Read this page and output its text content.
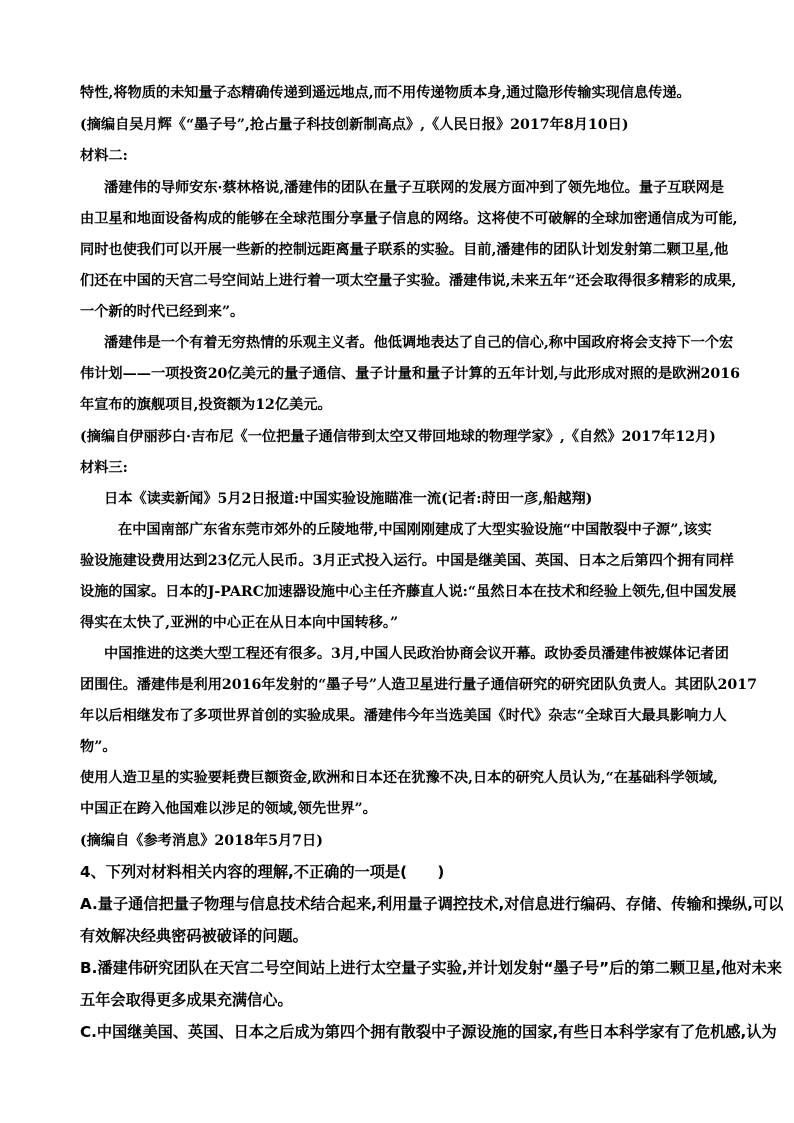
特性,将物质的未知量子态精确传递到遥远地点,而不用传递物质本身,通过隐形传输实现信息传递。
(摘编自吴月辉《“墨子号”,抢占量子科技创新制高点》,《人民日报》2017年8月10日)
材料二:
潘建伟的导师安东·蔡林格说,潘建伟的团队在量子互联网的发展方面冲到了领先地位。量子互联网是
由卫星和地面设备构成的能够在全球范围分享量子信息的网络。这将使不可破解的全球加密通信成为可能,
同时也使我们可以开展一些新的控制远距离量子联系的实验。目前,潘建伟的团队计划发射第二颗卫星,他
们还在中国的天宫二号空间站上进行着一项太空量子实验。潘建伟说,未来五年“还会取得很多精彩的成果,
一个新的时代已经到来”。
潘建伟是一个有着无穷热情的乐观主义者。他低调地表达了自己的信心,称中国政府将会支持下一个宏
伟计划——一项投资20亿美元的量子通信、量子计量和量子计算的五年计划,与此形成对照的是欧洲2016
年宣布的旗舰项目,投资额为12亿美元。
(摘编自伊丽莎白·吉布尼《一位把量子通信带到太空又带回地球的物理学家》,《自然》2017年12月)
材料三:
日本《读卖新闻》5月2日报道:中国实验设施瞄准一流(记者:莳田一彦,船越翔)
在中国南部广东省东莞市郊外的丘陵地带,中国刚刚建成了大型实验设施“中国散裂中子源”,该实
验设施建设费用达到23亿元人民币。3月正式投入运行。中国是继美国、英国、日本之后第四个拥有同样
设施的国家。日本的J-PARC加速器设施中心主任齐藤直人说:“虽然日本在技术和经验上领先,但中国发展
得实在太快了,亚洲的中心正在从日本向中国转移。”
中国推进的这类大型工程还有很多。3月,中国人民政治协商会议开幕。政协委员潘建伟被媒体记者团
团围住。潘建伟是利用2016年发射的“墨子号”人造卫星进行量子通信研究的研究团队负责人。其团队2017
年以后相继发布了多项世界首创的实验成果。潘建伟今年当选美国《时代》杂志“全球百大最具影响力人
物”。
使用人造卫星的实验要耗费巨额资金,欧洲和日本还在犹豫不决,日本的研究人员认为,“在基础科学领域,
中国正在跨入他国难以涉足的领域,领先世界”。
(摘编自《参考消息》2018年5月7日)
4、下列对材料相关内容的理解,不正确的一项是(　　)
A.量子通信把量子物理与信息技术结合起来,利用量子调控技术,对信息进行编码、存储、传输和操纵,可以
有效解决经典密码被破译的问题。
B.潘建伟研究团队在天宫二号空间站上进行太空量子实验,并计划发射“墨子号”后的第二颗卫星,他对未来
五年会取得更多成果充满信心。
C.中国继美国、英国、日本之后成为第四个拥有散裂中子源设施的国家,有些日本科学家有了危机感,认为
